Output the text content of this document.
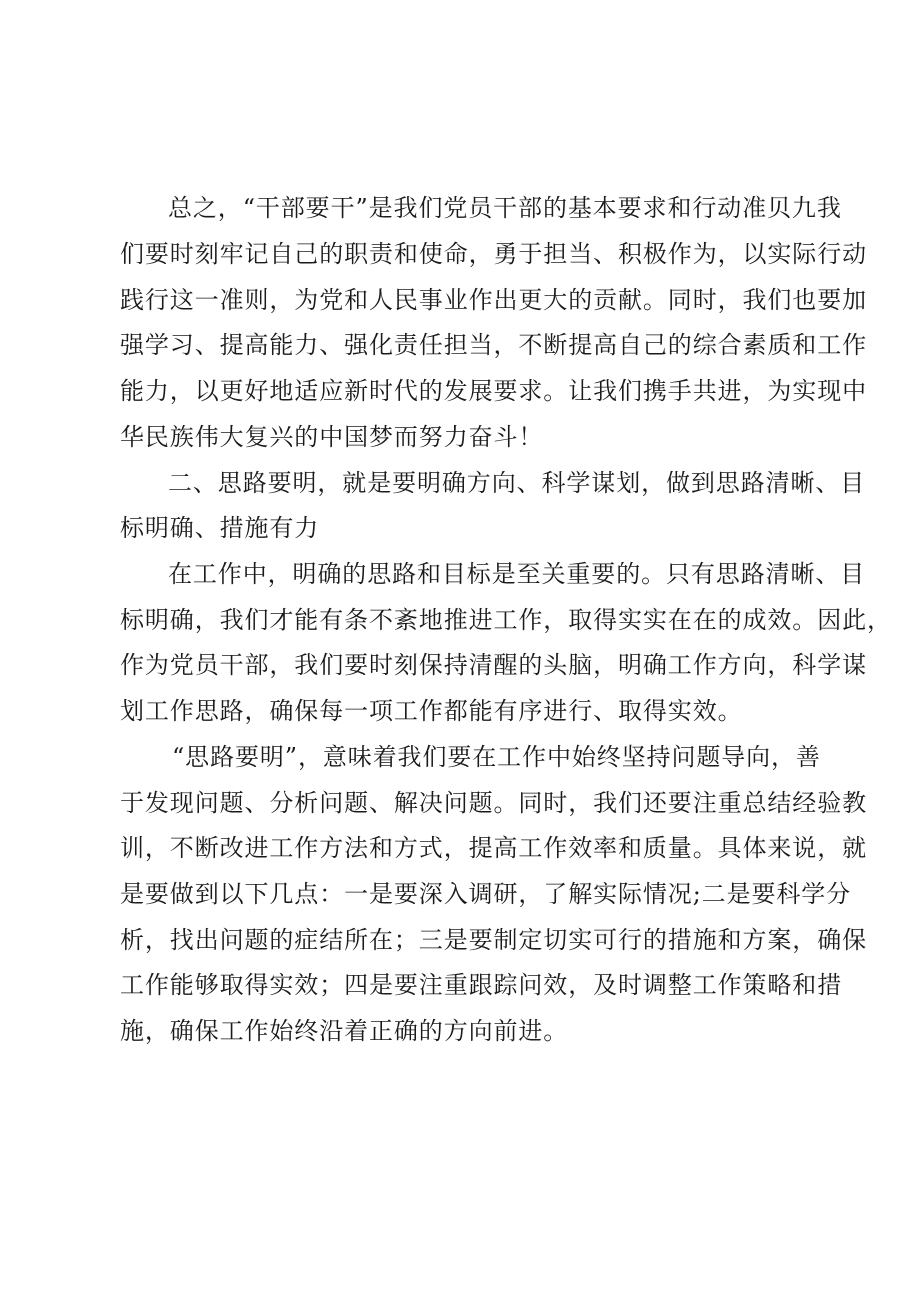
总之，“干部要干”是我们党员干部的基本要求和行动准贝九我

们要时刻牢记自己的职责和使命，勇于担当、积极作为，以实际行动

践行这一准则，为党和人民事业作出更大的贡献。同时，我们也要加

强学习、提高能力、强化责任担当，不断提高自己的综合素质和工作

能力，以更好地适应新时代的发展要求。让我们携手共进，为实现中

华民族伟大复兴的中国梦而努力奋斗！

二、思路要明，就是要明确方向、科学谋划，做到思路清晰、目

标明确、措施有力

在工作中，明确的思路和目标是至关重要的。只有思路清晰、目

标明确，我们才能有条不紊地推进工作，取得实实在在的成效。因此，

作为党员干部，我们要时刻保持清醒的头脑，明确工作方向，科学谋

划工作思路，确保每一项工作都能有序进行、取得实效。

“思路要明”，意味着我们要在工作中始终坚持问题导向，善

于发现问题、分析问题、解决问题。同时，我们还要注重总结经验教

训，不断改进工作方法和方式，提高工作效率和质量。具体来说，就

是要做到以下几点：一是要深入调研，了解实际情况;二是要科学分

析，找出问题的症结所在；三是要制定切实可行的措施和方案，确保

工作能够取得实效；四是要注重跟踪问效，及时调整工作策略和措

施，确保工作始终沿着正确的方向前进。
